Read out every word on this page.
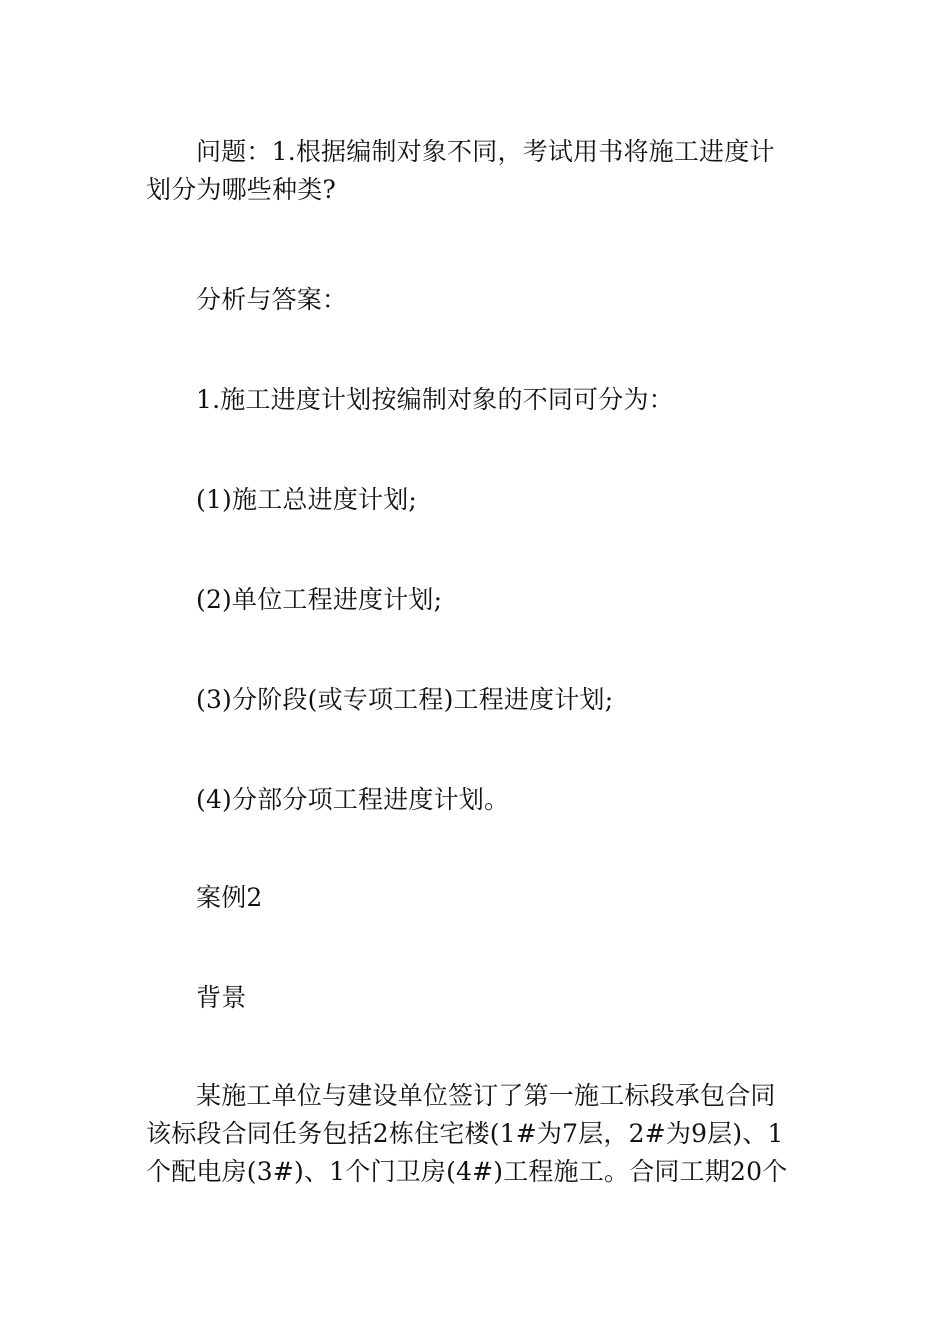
问题：1.根据编制对象不同，考试用书将施工进度计
划分为哪些种类?

分析与答案：

1.施工进度计划按编制对象的不同可分为：

(1)施工总进度计划;

(2)单位工程进度计划;

(3)分阶段(或专项工程)工程进度计划;

(4)分部分项工程进度计划。

案例2

背景

某施工单位与建设单位签订了第一施工标段承包合同
该标段合同任务包括2栋住宅楼(1#为7层，2#为9层)、1
个配电房(3#)、1个门卫房(4#)工程施工。合同工期20个
